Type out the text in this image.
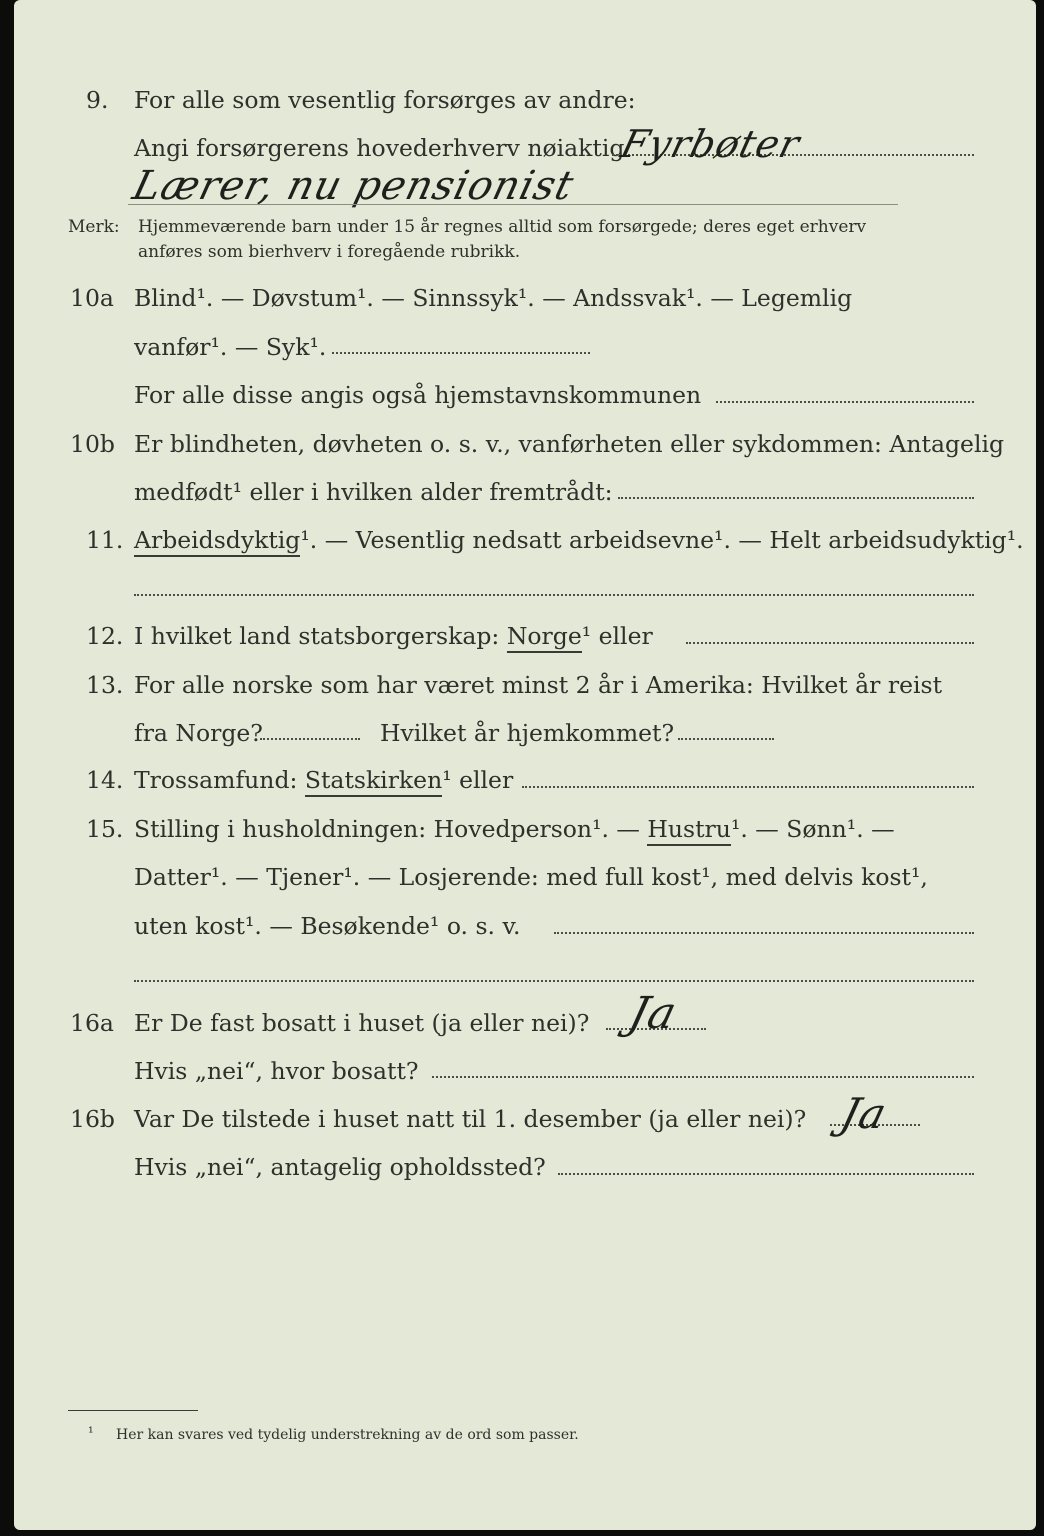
9. For alle som vesentlig forsørges av andre:
Angi forsørgerens hovederhverv nøiaktig
Fyrbøter
Lærer, nu pensionist
Merk: Hjemmeværende barn under 15 år regnes alltid som forsørgede; deres eget erhverv
anføres som bierhverv i foregående rubrikk.
10a Blind¹. — Døvstum¹. — Sinnssyk¹. — Andssvak¹. — Legemlig
vanfør¹. — Syk¹.
For alle disse angis også hjemstavnskommunen
10b Er blindheten, døvheten o. s. v., vanførheten eller sykdommen: Antagelig
medfødt¹ eller i hvilken alder fremtrådt:
11. Arbeidsdyktig¹. — Vesentlig nedsatt arbeidsevne¹. — Helt arbeidsudyktig¹.
12. I hvilket land statsborgerskap: Norge¹ eller
13. For alle norske som har været minst 2 år i Amerika: Hvilket år reist
fra Norge?	Hvilket år hjemkommet?
14. Trossamfund: Statskirken¹ eller
15. Stilling i husholdningen: Hovedperson¹. — Hustru¹. — Sønn¹. —
Datter¹. — Tjener¹. — Losjerende: med full kost¹, med delvis kost¹,
uten kost¹. — Besøkende¹ o. s. v.
16a Er De fast bosatt i huset (ja eller nei)? Ja
Hvis „nei“, hvor bosatt?
16b Var De tilstede i huset natt til 1. desember (ja eller nei)? Ja
Hvis „nei“, antagelig opholdssted?
¹ Her kan svares ved tydelig understrekning av de ord som passer.
